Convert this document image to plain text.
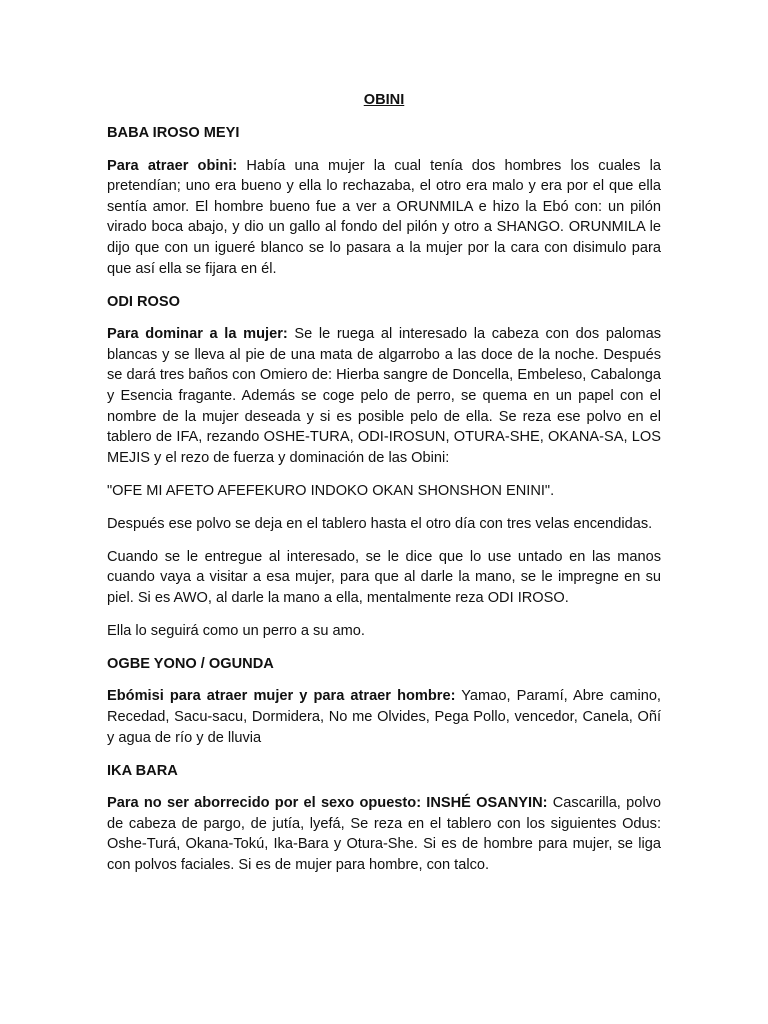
OBINI
BABA IROSO MEYI

Para atraer obini: Había una mujer la cual tenía dos hombres los cuales la pretendían; uno era bueno y ella lo rechazaba, el otro era malo y era por el que ella sentía amor. El hombre bueno fue a ver a ORUNMILA e hizo la Ebó con: un pilón virado boca abajo, y dio un gallo al fondo del pilón y otro a SHANGO. ORUNMILA le dijo que con un igueré blanco se lo pasara a la mujer por la cara con disimulo para que así ella se fijara en él.

ODI ROSO

Para dominar a la mujer: Se le ruega al interesado la cabeza con dos palomas blancas y se lleva al pie de una mata de algarrobo a las doce de la noche. Después se dará tres baños con Omiero de: Hierba sangre de Doncella, Embeleso, Cabalonga y Esencia fragante. Además se coge pelo de perro, se quema en un papel con el nombre de la mujer deseada y si es posible pelo de ella. Se reza ese polvo en el tablero de IFA, rezando OSHE-TURA, ODI-IROSUN, OTURA-SHE, OKANA-SA, LOS MEJIS y el rezo de fuerza y dominación de las Obini:

"OFE MI AFETO AFEFEKURO INDOKO OKAN SHONSHON ENINI".

Después ese polvo se deja en el tablero hasta el otro día con tres velas encendidas.

Cuando se le entregue al interesado, se le dice que lo use untado en las manos cuando vaya a visitar a esa mujer, para que al darle la mano, se le impregne en su piel. Si es AWO, al darle la mano a ella, mentalmente reza ODI IROSO.

Ella lo seguirá como un perro a su amo.

OGBE YONO / OGUNDA

Ebómisi para atraer mujer y para atraer hombre: Yamao, Paramí, Abre camino, Recedad, Sacu-sacu, Dormidera, No me Olvides, Pega Pollo, vencedor, Canela, Oñí y agua de río y de lluvia

IKA BARA

Para no ser aborrecido por el sexo opuesto: INSHÉ OSANYIN: Cascarilla, polvo de cabeza de pargo, de jutía, lyefá, Se reza en el tablero con los siguientes Odus: Oshe-Turá, Okana-Tokú, Ika-Bara y Otura-She. Si es de hombre para mujer, se liga con polvos faciales. Si es de mujer para hombre, con talco.
